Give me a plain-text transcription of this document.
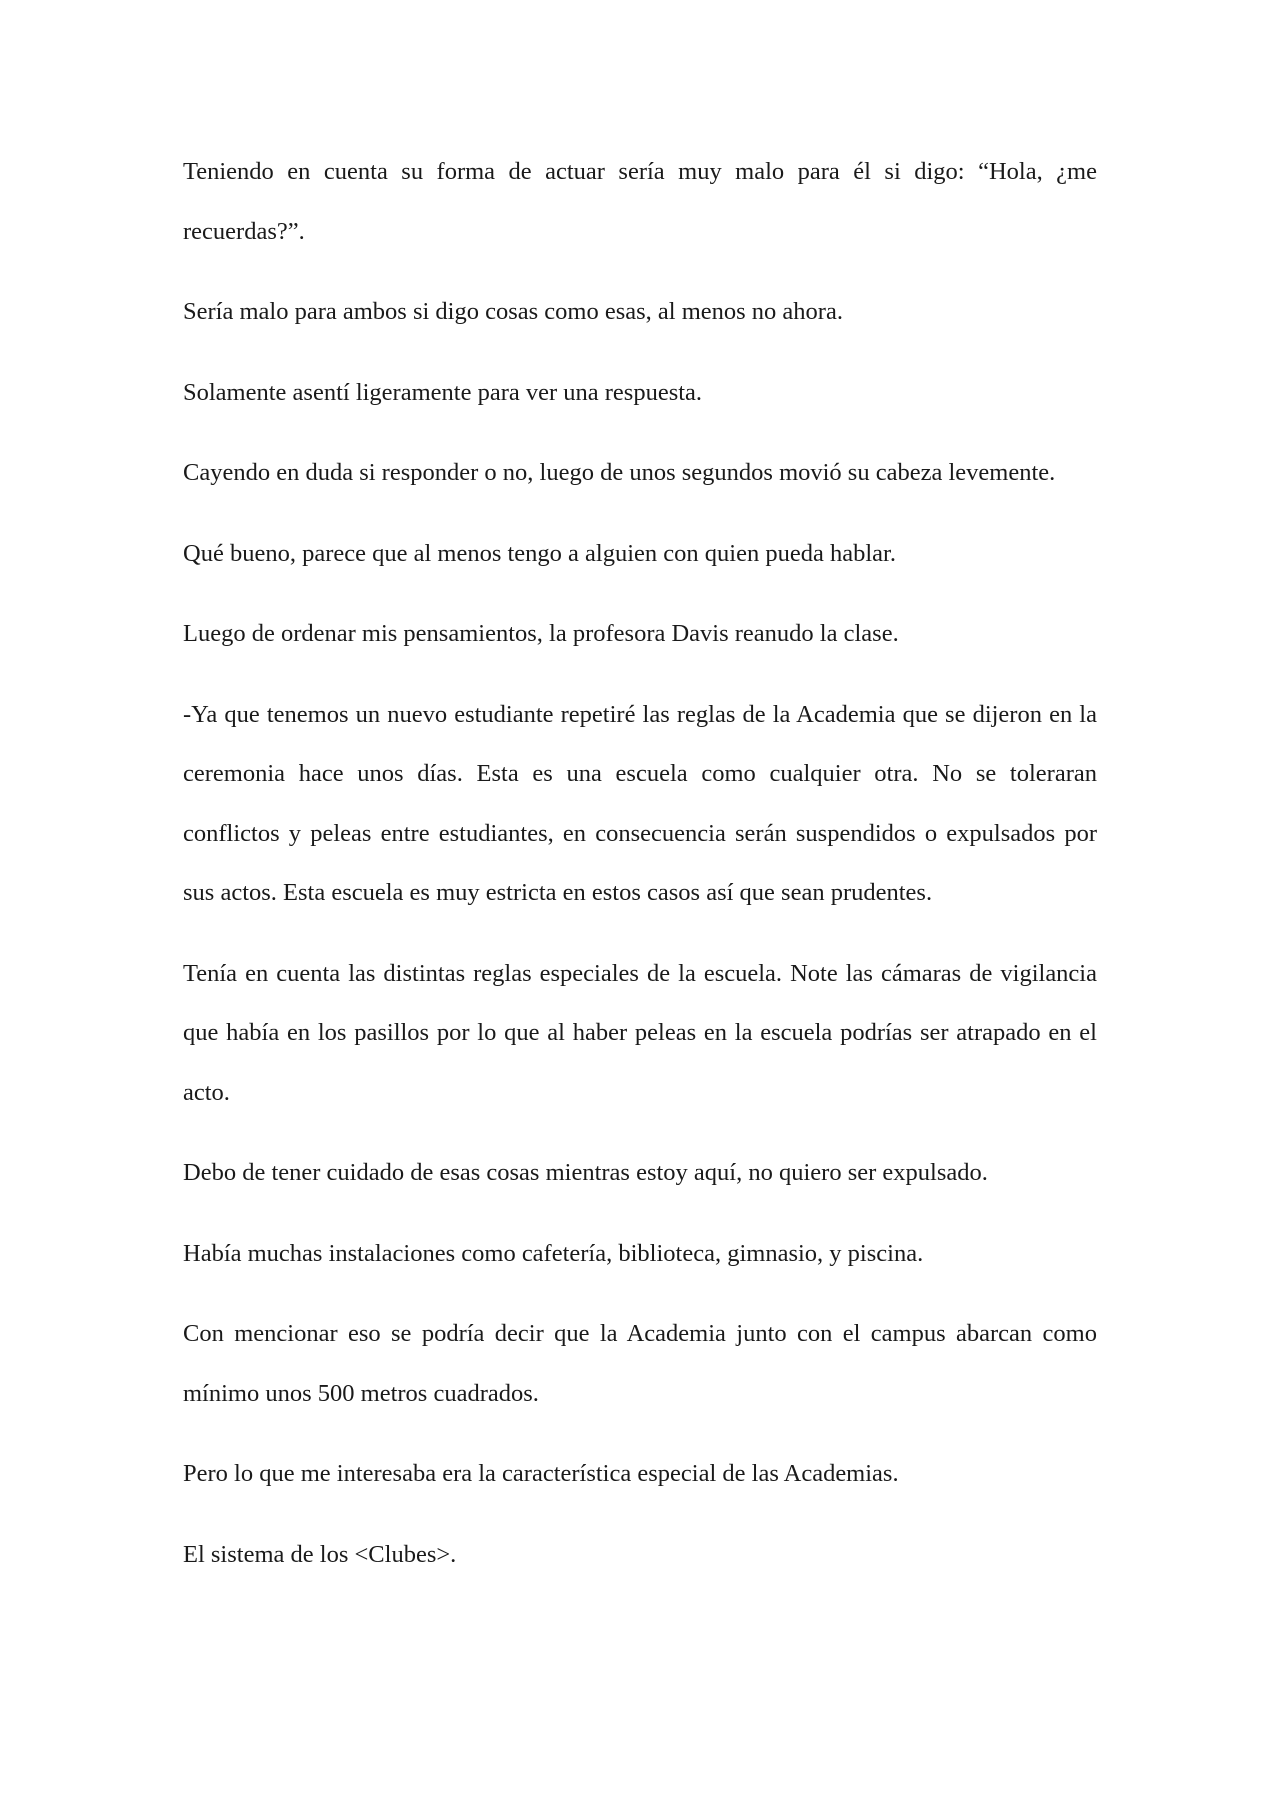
Teniendo en cuenta su forma de actuar sería muy malo para él si digo: “Hola, ¿me recuerdas?”.

Sería malo para ambos si digo cosas como esas, al menos no ahora.

Solamente asentí ligeramente para ver una respuesta.

Cayendo en duda si responder o no, luego de unos segundos movió su cabeza levemente.

Qué bueno, parece que al menos tengo a alguien con quien pueda hablar.

Luego de ordenar mis pensamientos, la profesora Davis reanudo la clase.

-Ya que tenemos un nuevo estudiante repetiré las reglas de la Academia que se dijeron en la ceremonia hace unos días. Esta es una escuela como cualquier otra. No se toleraran conflictos y peleas entre estudiantes, en consecuencia serán suspendidos o expulsados por sus actos. Esta escuela es muy estricta en estos casos así que sean prudentes.

Tenía en cuenta las distintas reglas especiales de la escuela. Note las cámaras de vigilancia que había en los pasillos por lo que al haber peleas en la escuela podrías ser atrapado en el acto.

Debo de tener cuidado de esas cosas mientras estoy aquí, no quiero ser expulsado.

Había muchas instalaciones como cafetería, biblioteca, gimnasio, y piscina.

Con mencionar eso se podría decir que la Academia junto con el campus abarcan como mínimo unos 500 metros cuadrados.

Pero lo que me interesaba era la característica especial de las Academias.

El sistema de los <Clubes>.
